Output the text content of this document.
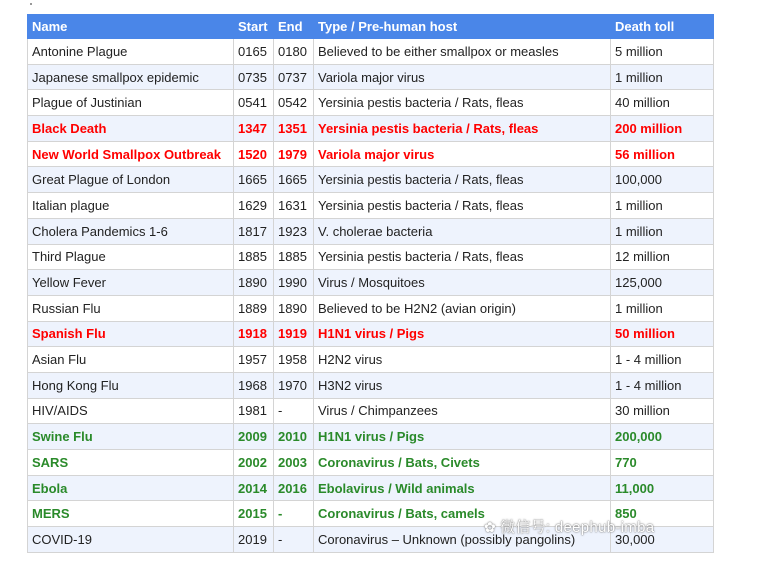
Name	Start	End	Type / Pre-human host	Death toll
Antonine Plague	0165	0180	Believed to be either smallpox or measles	5 million
Japanese smallpox epidemic	0735	0737	Variola major virus	1 million
Plague of Justinian	0541	0542	Yersinia pestis bacteria / Rats, fleas	40 million
Black Death	1347	1351	Yersinia pestis bacteria / Rats, fleas	200 million
New World Smallpox Outbreak	1520	1979	Variola major virus	56 million
Great Plague of London	1665	1665	Yersinia pestis bacteria / Rats, fleas	100,000
Italian plague	1629	1631	Yersinia pestis bacteria / Rats, fleas	1 million
Cholera Pandemics 1-6	1817	1923	V. cholerae bacteria	1 million
Third Plague	1885	1885	Yersinia pestis bacteria / Rats, fleas	12 million
Yellow Fever	1890	1990	Virus / Mosquitoes	125,000
Russian Flu	1889	1890	Believed to be H2N2 (avian origin)	1 million
Spanish Flu	1918	1919	H1N1 virus / Pigs	50 million
Asian Flu	1957	1958	H2N2 virus	1 - 4 million
Hong Kong Flu	1968	1970	H3N2 virus	1 - 4 million
HIV/AIDS	1981	-	Virus / Chimpanzees	30 million
Swine Flu	2009	2010	H1N1 virus / Pigs	200,000
SARS	2002	2003	Coronavirus / Bats, Civets	770
Ebola	2014	2016	Ebolavirus / Wild animals	11,000
MERS	2015	-	Coronavirus / Bats, camels	850
COVID-19	2019	-	Coronavirus – Unknown (possibly pangolins)	30,000
✿ 微信号: deephub-imba
